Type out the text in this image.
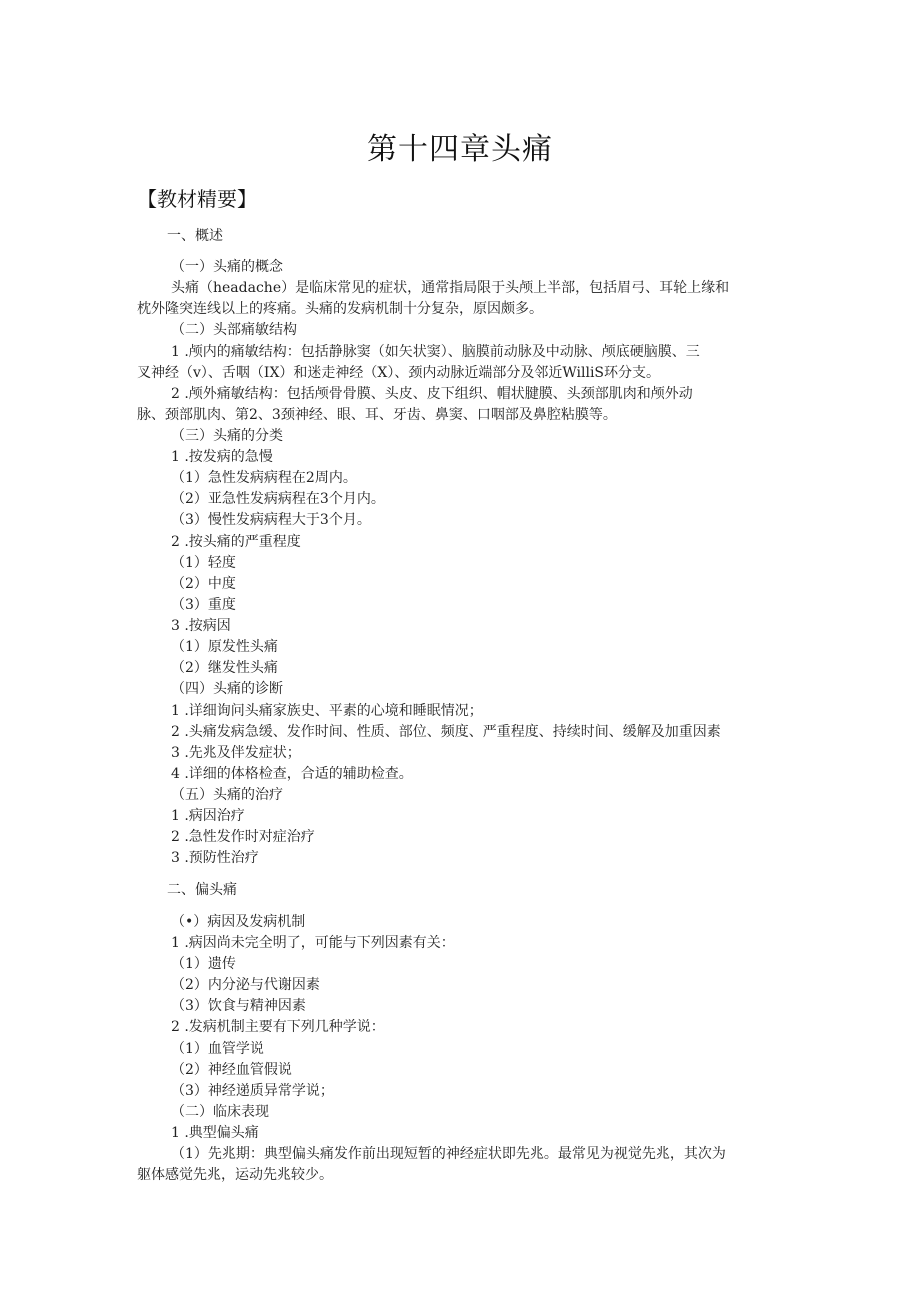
第十四章头痛
【教材精要】
一、概述
（一）头痛的概念
头痛（headache）是临床常见的症状，通常指局限于头颅上半部，包括眉弓、耳轮上缘和
枕外隆突连线以上的疼痛。头痛的发病机制十分复杂，原因颇多。
（二）头部痛敏结构
1 .颅内的痛敏结构：包括静脉窦（如矢状窦）、脑膜前动脉及中动脉、颅底硬脑膜、三
叉神经（v）、舌咽（IX）和迷走神经（X）、颈内动脉近端部分及邻近WilliS环分支。
2 .颅外痛敏结构：包括颅骨骨膜、头皮、皮下组织、帽状腱膜、头颈部肌肉和颅外动
脉、颈部肌肉、第2、3颈神经、眼、耳、牙齿、鼻窦、口咽部及鼻腔粘膜等。
（三）头痛的分类
1 .按发病的急慢
（1）急性发病病程在2周内。
（2）亚急性发病病程在3个月内。
（3）慢性发病病程大于3个月。
2 .按头痛的严重程度
（1）轻度
（2）中度
（3）重度
3 .按病因
（1）原发性头痛
（2）继发性头痛
（四）头痛的诊断
1 .详细询问头痛家族史、平素的心境和睡眠情况；
2 .头痛发病急缓、发作时间、性质、部位、频度、严重程度、持续时间、缓解及加重因素
3 .先兆及伴发症状；
4 .详细的体格检查，合适的辅助检查。
（五）头痛的治疗
1 .病因治疗
2 .急性发作时对症治疗
3 .预防性治疗
二、偏头痛
（•）病因及发病机制
1 .病因尚未完全明了，可能与下列因素有关：
（1）遗传
（2）内分泌与代谢因素
（3）饮食与精神因素
2 .发病机制主要有下列几种学说：
（1）血管学说
（2）神经血管假说
（3）神经递质异常学说；
（二）临床表现
1 .典型偏头痛
（1）先兆期：典型偏头痛发作前出现短暂的神经症状即先兆。最常见为视觉先兆，其次为
躯体感觉先兆，运动先兆较少。
